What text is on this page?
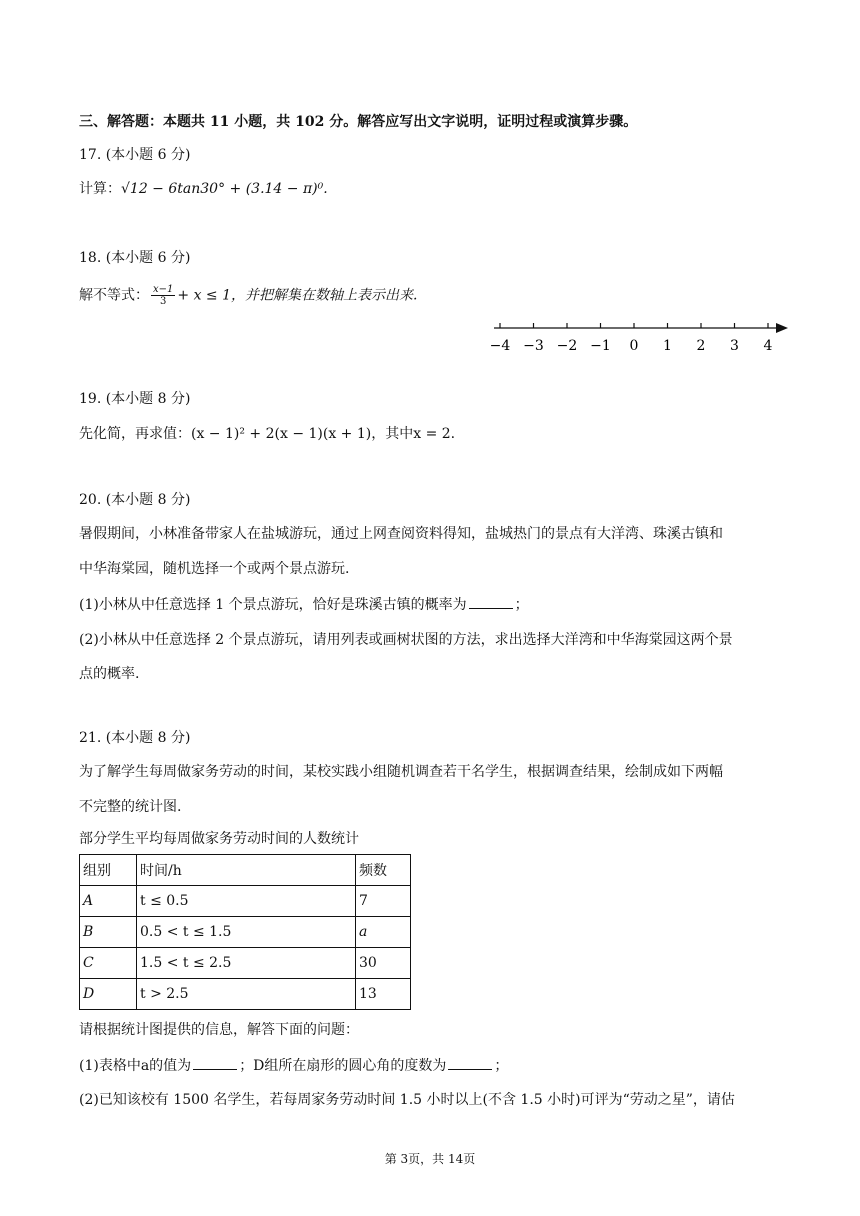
三、解答题：本题共 11 小题，共 102 分。解答应写出文字说明，证明过程或演算步骤。
17. (本小题 6 分)
计算：√12 − 6tan30° + (3.14 − π)⁰.
18. (本小题 6 分)
解不等式： $\frac{x-1}{3} + x \le 1$，并把解集在数轴上表示出来.
−4 −3 −2 −1 0 1 2 3 4
19. (本小题 8 分)
先化简，再求值：(x − 1)² + 2(x − 1)(x + 1)，其中x = 2.
20. (本小题 8 分)
暑假期间，小林准备带家人在盐城游玩，通过上网查阅资料得知，盐城热门的景点有大洋湾、珠溪古镇和
中华海棠园，随机选择一个或两个景点游玩.
(1)小林从中任意选择 1 个景点游玩，恰好是珠溪古镇的概率为	；
(2)小林从中任意选择 2 个景点游玩，请用列表或画树状图的方法，求出选择大洋湾和中华海棠园这两个景
点的概率.
21. (本小题 8 分)
为了解学生每周做家务劳动的时间，某校实践小组随机调查若干名学生，根据调查结果，绘制成如下两幅
不完整的统计图.
部分学生平均每周做家务劳动时间的人数统计
组别	时间/h	频数
A	t ≤ 0.5	7
B	0.5 < t ≤ 1.5	a
C	1.5 < t ≤ 2.5	30
D	t > 2.5	13
请根据统计图提供的信息，解答下面的问题：
(1)表格中a的值为	；D组所在扇形的圆心角的度数为	；
(2)已知该校有 1500 名学生，若每周家务劳动时间 1.5 小时以上(不含 1.5 小时)可评为“劳动之星”，请估
第 3页，共 14页
